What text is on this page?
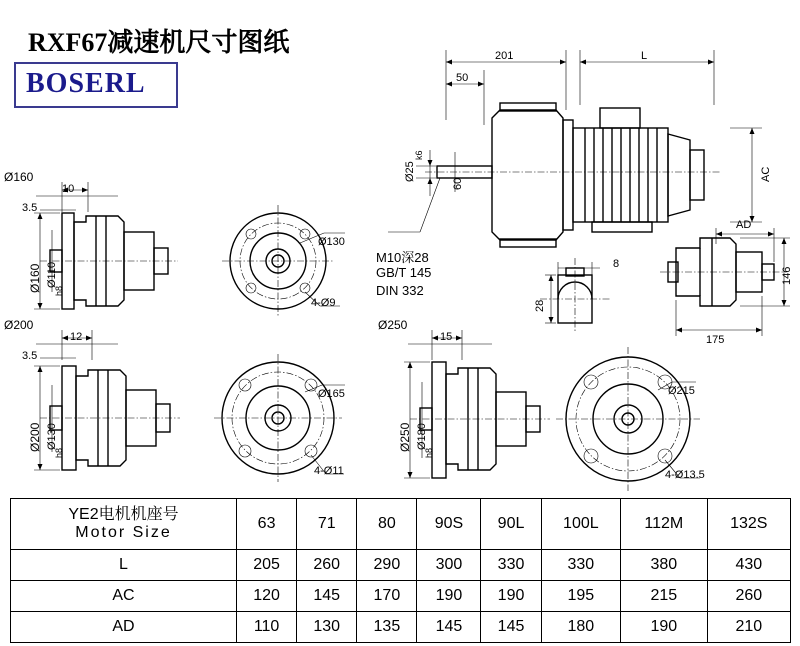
RXF67减速机尺寸图纸
BOSERL
201	L
50
Ø25
k6
60
AC
M10深28
GB/T 145
DIN 332
8
28
AD
146
175
Ø160
10
3.5
Ø160 Ø110
h8
Ø130
4-Ø9
Ø200
12
3.5
Ø200 Ø130
h8
Ø165
4-Ø11
Ø250
15
Ø250 Ø180
h8
Ø215
4-Ø13.5
YE2电机机座号
Motor Size	63	71	80	90S	90L	100L	112M	132S
L	205	260	290	300	330	330	380	430
AC	120	145	170	190	190	195	215	260
AD	110	130	135	145	145	180	190	210
